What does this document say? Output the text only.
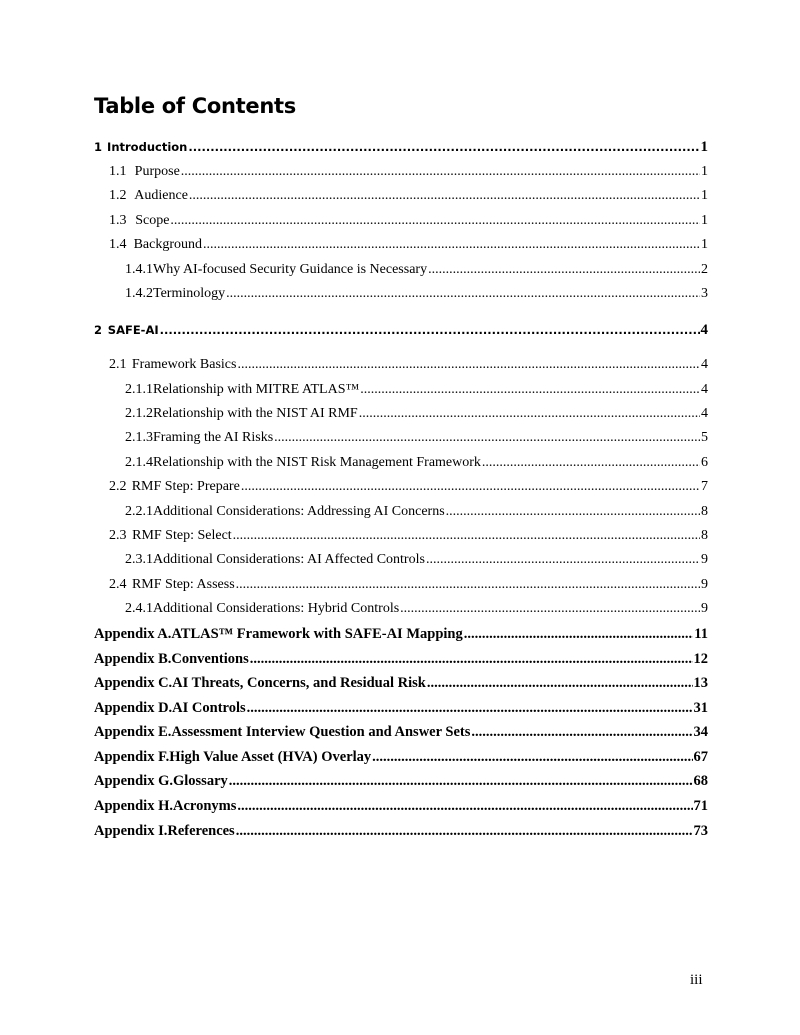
Table of Contents
1 Introduction .....	1
1.1 Purpose .....	1
1.2 Audience .....	1
1.3 Scope .....	1
1.4 Background .....	1
1.4.1 Why AI-focused Security Guidance is Necessary .....	2
1.4.2 Terminology .....	3
2 SAFE-AI .....	4
2.1 Framework Basics .....	4
2.1.1 Relationship with MITRE ATLAS™ .....	4
2.1.2 Relationship with the NIST AI RMF .....	4
2.1.3 Framing the AI Risks .....	5
2.1.4 Relationship with the NIST Risk Management Framework .....	6
2.2 RMF Step: Prepare .....	7
2.2.1 Additional Considerations: Addressing AI Concerns .....	8
2.3 RMF Step: Select .....	8
2.3.1 Additional Considerations: AI Affected Controls .....	9
2.4 RMF Step: Assess .....	9
2.4.1 Additional Considerations: Hybrid Controls .....	9
Appendix A. ATLAS™ Framework with SAFE-AI Mapping .....	11
Appendix B. Conventions .....	12
Appendix C. AI Threats, Concerns, and Residual Risk .....	13
Appendix D. AI Controls .....	31
Appendix E. Assessment Interview Question and Answer Sets .....	34
Appendix F. High Value Asset (HVA) Overlay .....	67
Appendix G. Glossary .....	68
Appendix H. Acronyms .....	71
Appendix I. References .....	73
iii
